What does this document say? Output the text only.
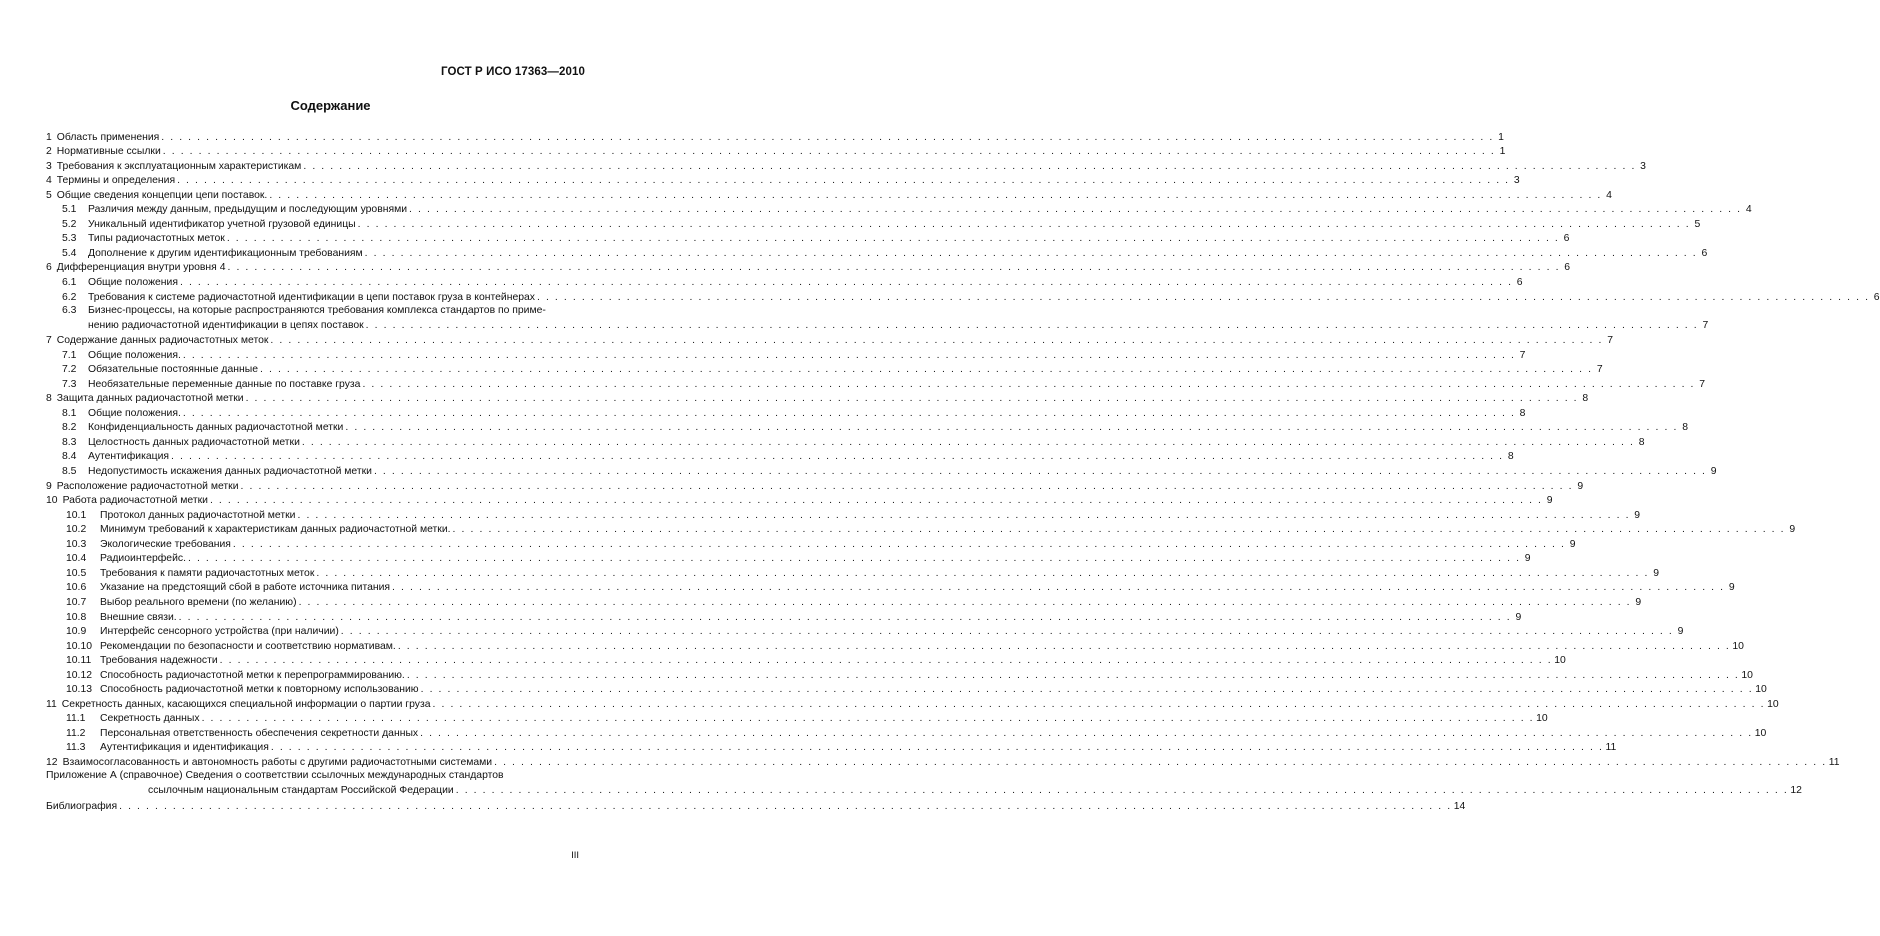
ГОСТ Р ИСО 17363—2010
Содержание
1 Область применения . . .	1
2 Нормативные ссылки . . .	1
3 Требования к эксплуатационным характеристикам . . .	3
4 Термины и определения . . .	3
5 Общие сведения концепции цепи поставок. . . .	4
5.1	Различия между данным, предыдущим и последующим уровнями . . .	4
5.2	Уникальный идентификатор учетной грузовой единицы . . .	5
5.3	Типы радиочастотных меток . . .	6
5.4	Дополнение к другим идентификационным требованиям . . .	6
6 Дифференциация внутри уровня 4 . . .	6
6.1	Общие положения . . .	6
6.2	Требования к системе радиочастотной идентификации в цепи поставок груза в контейнерах . . .	6
6.3	Бизнес-процессы, на которые распространяются требования комплекса стандартов по приме-
нению радиочастотной идентификации в цепях поставок . . .	7
7 Содержание данных радиочастотных меток . . .	7
7.1	Общие положения. . . .	7
7.2	Обязательные постоянные данные . . .	7
7.3	Необязательные переменные данные по поставке груза . . .	7
8 Защита данных радиочастотной метки . . .	8
8.1	Общие положения. . . .	8
8.2	Конфиденциальность данных радиочастотной метки . . .	8
8.3	Целостность данных радиочастотной метки . . .	8
8.4	Аутентификация . . .	8
8.5	Недопустимость искажения данных радиочастотной метки . . .	9
9 Расположение радиочастотной метки . . .	9
10 Работа радиочастотной метки . . .	9
10.1	Протокол данных радиочастотной метки . . .	9
10.2	Минимум требований к характеристикам данных радиочастотной метки. . . .	9
10.3	Экологические требования . . .	9
10.4	Радиоинтерфейс. . . .	9
10.5	Требования к памяти радиочастотных меток . . .	9
10.6	Указание на предстоящий сбой в работе источника питания . . .	9
10.7	Выбор реального времени (по желанию) . . .	9
10.8	Внешние связи. . . .	9
10.9	Интерфейс сенсорного устройства (при наличии) . . .	9
10.10 Рекомендации по безопасности и соответствию нормативам. . . .	10
10.11 Требования надежности . . .	10
10.12 Способность радиочастотной метки к перепрограммированию. . . .	10
10.13 Способность радиочастотной метки к повторному использованию . . .	10
11 Секретность данных, касающихся специальной информации о партии груза . . .	10
11.1	Секретность данных . . .	10
11.2	Персональная ответственность обеспечения секретности данных . . .	10
11.3	Аутентификация и идентификация . . .	11
12 Взаимосогласованность и автономность работы с другими радиочастотными системами . . .	11
Приложение А (справочное) Сведения о соответствии ссылочных международных стандартов
ссылочным национальным стандартам Российской Федерации . . .	12
Библиография . . .	14
III
